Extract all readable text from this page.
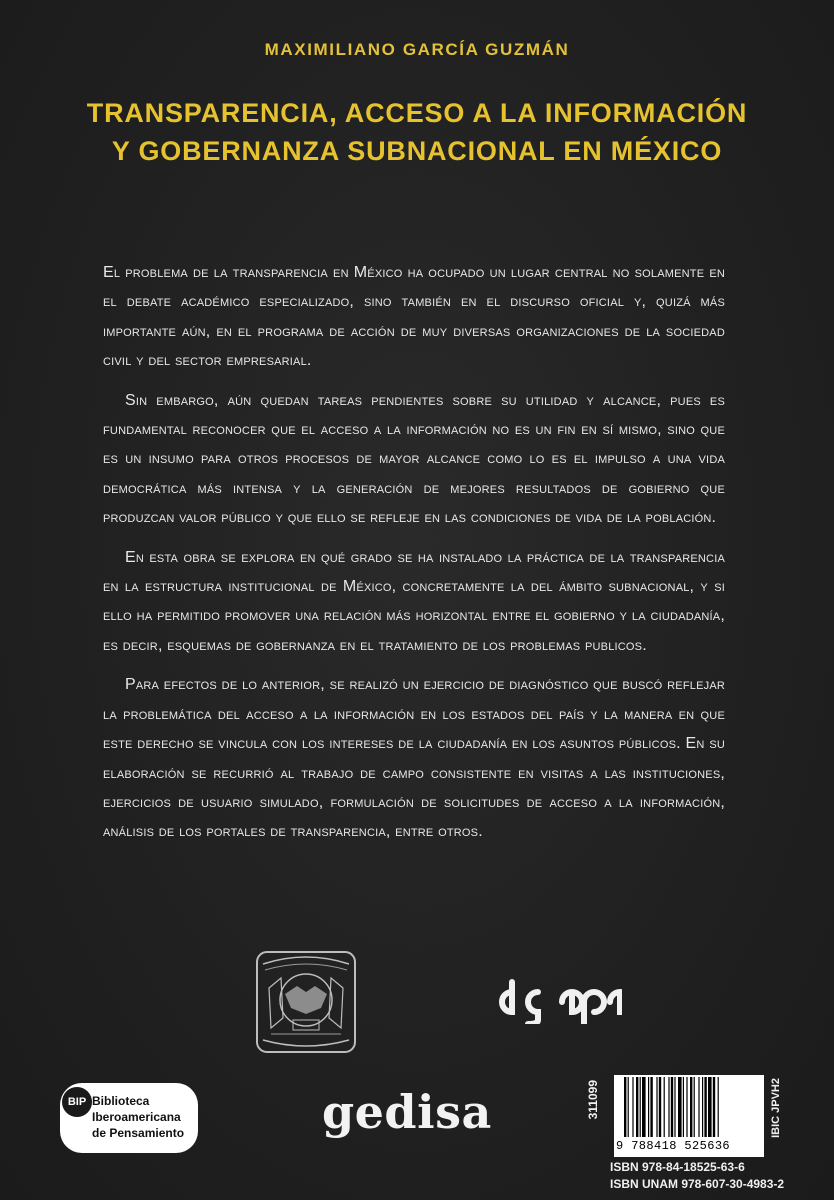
MAXIMILIANO GARCÍA GUZMÁN
TRANSPARENCIA, ACCESO A LA INFORMACIÓN
Y GOBERNANZA SUBNACIONAL EN MÉXICO

El problema de la transparencia en México ha ocupado un lugar central no solamente en el debate académico especializado, sino también en el discurso oficial y, quizá más importante aún, en el programa de acción de muy diversas organizaciones de la sociedad civil y del sector empresarial.

Sin embargo, aún quedan tareas pendientes sobre su utilidad y alcance, pues es fundamental reconocer que el acceso a la información no es un fin en sí mismo, sino que es un insumo para otros procesos de mayor alcance como lo es el impulso a una vida democrática más intensa y la generación de mejores resultados de gobierno que produzcan valor público y que ello se refleje en las condiciones de vida de la población.

En esta obra se explora en qué grado se ha instalado la práctica de la transparencia en la estructura institucional de México, concretamente la del ámbito subnacional, y si ello ha permitido promover una relación más horizontal entre el gobierno y la ciudadanía, es decir, esquemas de gobernanza en el tratamiento de los problemas publicos.

Para efectos de lo anterior, se realizó un ejercicio de diagnóstico que buscó reflejar la problemática del acceso a la información en los estados del país y la manera en que este derecho se vincula con los intereses de la ciudadanía en los asuntos públicos. En su elaboración se recurrió al trabajo de campo consistente en visitas a las instituciones, ejercicios de usuario simulado, formulación de solicitudes de acceso a la información, análisis de los portales de transparencia, entre otros.

BIP Biblioteca
Iberoamericana
de Pensamiento	gedisa	311099
9 788418 525636
IBIC JPVH2
ISBN 978-84-18525-63-6
ISBN UNAM 978-607-30-4983-2
